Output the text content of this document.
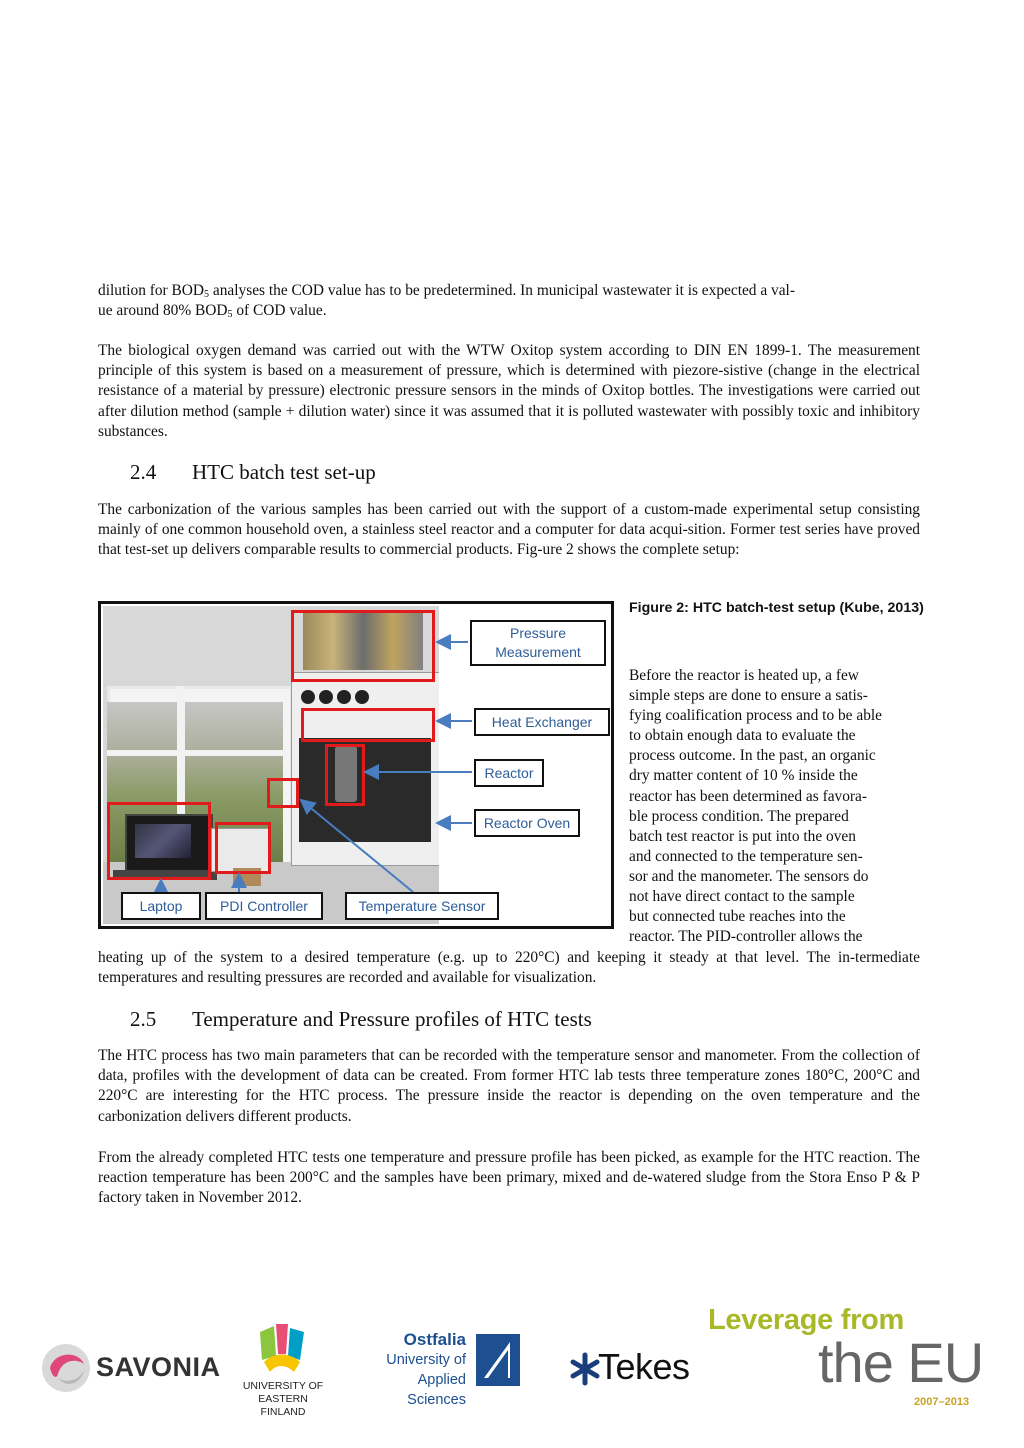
dilution for $BOD_5$ analyses the COD value has to be predetermined. In municipal wastewater it is expected a val-
ue around 80% $BOD_5$ of COD value.

The biological oxygen demand was carried out with the WTW Oxitop system according to DIN EN 1899-1. The measurement principle of this system is based on a measurement of pressure, which is determined with piezore-sistive (change in the electrical resistance of a material by pressure) electronic pressure sensors in the minds of Oxitop bottles. The investigations were carried out after dilution method (sample + dilution water) since it was assumed that it is polluted wastewater with possibly toxic and inhibitory substances.

2.4 HTC batch test set-up

The carbonization of the various samples has been carried out with the support of a custom-made experimental setup consisting mainly of one common household oven, a stainless steel reactor and a computer for data acqui-sition. Former test series have proved that test-set up delivers comparable results to commercial products. Fig-ure 2 shows the complete setup:

Pressure Measurement
Heat Exchanger
Reactor
Reactor Oven
Laptop	PDI Controller	Temperature Sensor
Figure 2: HTC batch-test setup (Kube, 2013)
Before the reactor is heated up, a few
simple steps are done to ensure a satis-
fying coalification process and to be able
to obtain enough data to evaluate the
process outcome. In the past, an organic
dry matter content of 10 % inside the
reactor has been determined as favora-
ble process condition. The prepared
batch test reactor is put into the oven
and connected to the temperature sen-
sor and the manometer. The sensors do
not have direct contact to the sample
but connected tube reaches into the
reactor. The PID-controller allows the

heating up of the system to a desired temperature (e.g. up to 220°C) and keeping it steady at that level. The in-termediate temperatures and resulting pressures are recorded and available for visualization.

2.5 Temperature and Pressure profiles of HTC tests

The HTC process has two main parameters that can be recorded with the temperature sensor and manometer. From the collection of data, profiles with the development of data can be created. From former HTC lab tests three temperature zones 180°C, 200°C and 220°C are interesting for the HTC process. The pressure inside the reactor is depending on the oven temperature and the carbonization delivers different products.

From the already completed HTC tests one temperature and pressure profile has been picked, as example for the HTC reaction. The reaction temperature has been 200°C and the samples have been primary, mixed and de-watered sludge from the Stora Enso P & P factory taken in November 2012.

SAVONIA
UNIVERSITY OF
EASTERN FINLAND
Ostfalia
University of
Applied Sciences
Tekes
Leverage from
the EU
2007–2013
